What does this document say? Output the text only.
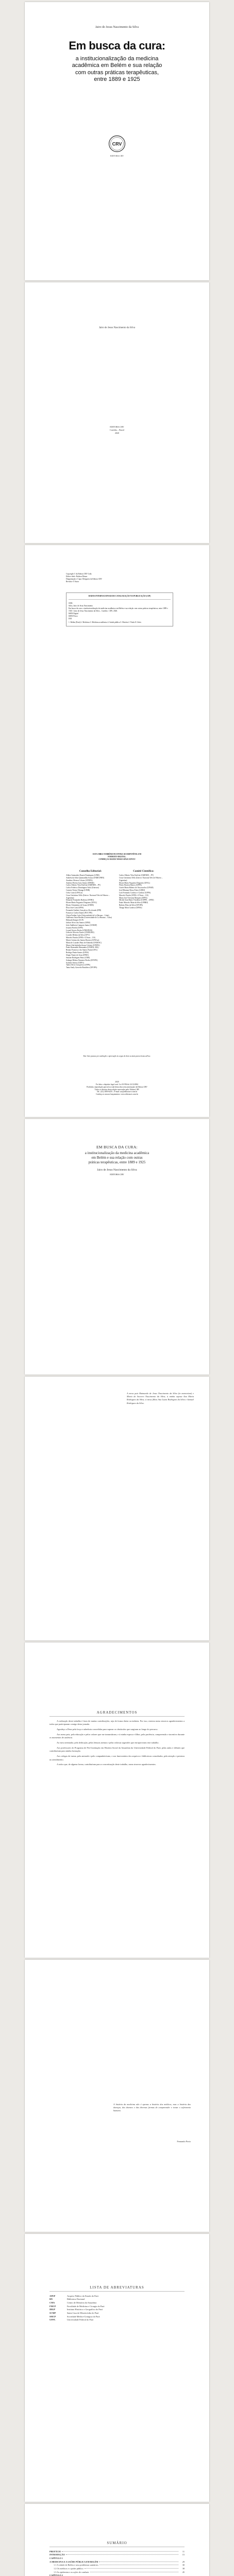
Jairo de Jesus Nascimento da Silva
Em busca da cura:
a institucionalização da medicina
acadêmica em Belém e sua relação
com outras práticas terapêuticas,
entre 1889 e 1925
CRV
EDITORA CRV
Jairo de Jesus Nascimento da Silva
EDITORA CRV
Curitiba – Brasil
2020
Copyright © da Editora CRV Ltda.
Editor-chefe: Railson Moura
Diagramação e Capa: Designers da Editora CRV
Revisão: O Autor
DADOS INTERNACIONAIS DE CATALOGAÇÃO NA PUBLICAÇÃO (CIP)
S586
Silva, Jairo de Jesus Nascimento
Em busca da cura: a institucionalização da medicina acadêmica em Belém e sua relação com outras práticas terapêuticas, entre 1889 e 1925 / Jairo de Jesus Nascimento da Silva – Curitiba : CRV, 2020.
ISBN Digital
ISBN Físico
DOI
1. Belém (Pará) 2. Medicina 3. Medicina acadêmica 4. Saúde pública 5. História I. Título II. Série.
ESTA OBRA TAMBÉM ENCONTRA-SE DISPONÍVEL EM
FORMATO DIGITAL.
CONHEÇA E BAIXE NOSSO APLICATIVO!
Conselho Editorial:
Aldira Guimarães Duarte Domínguez (UNB)
Andréia da Silva Quintanilha Sousa (UNIR/UFRN)
Anselmo Alencar Colares (UFOPA)
Antônio Pereira Gaio Júnior (UFRRJ)
Carlos Alberto Vilar Estêvão (UMINHO – PT)
Carlos Federico Domínguez Avila (Unieuro)
Carmen Tereza Velanga (UNIR)
Celso Conti (UFSCar)
Cesar Gerónimo Tello (Univer .Nacional Três de Febrero – Argentina)
Eduardo Fernandes Barbosa (UFMG)
Elione Maria Nogueira Diogenes (UFAL)
Elizeu Clementino de Souza (UNEB)
Élsio José Corá (UFFS)
Fernando Antônio Gonçalves Alcoforado (IPB)
Francisco Carlos Duarte (PUC-PR)
Gloria Fariñas León (Universidade de La Havana – Cuba)
Guillermo Arias Beatón (Universidade de La Havana – Cuba)
Helmuth Krüger (UCP)
Jailson Alves dos Santos (UFRJ)
João Adalberto Campato Junior (UNESP)
Josania Portela (UFPI)
Leonel Severo Rocha (UNISINOS)
Lídia de Oliveira Xavier (UNIEURO)
Lourdes Helena da Silva (UFV)
Marcelo Paixão (UFRJ e UTexas – US)
Maria Cristina dos Santos Bezerra (UFSCar)
Maria de Lourdes Pinto de Almeida (UNOESC)
Maria Lília Imbiriba Sousa Colares (UFOPA)
Paulo Romualdo Hernandes (UNIFAL-MG)
Renato Francisco dos Santos Paula (UFG)
Rodrigo Pratte-Santos (UFES)
Sérgio Nunes de Jesus (IFRO)
Simone Rodrigues Pinto (UNB)
Solange Helena Ximenes-Rocha (UFOPA)
Sydione Santos (UEPG)
Tadeu Oliver Gonçalves (UFPA)
Tania Suely Azevedo Brasileiro (UFOPA)
Comitê Científico:
Carlos Alberto Vilar Estêvão (UMINHO – PT)
Cesar Gerónimo Tello (Univer. Nacional Três de Febrero – Argentina)
Elione Maria Nogueira Diogenes (UFAL)
Flávio Bezerra Barros (UFPA)
Gisele Maria Ribeiro de Vasconcelos (UFAM)
José Ribamar Bessa Freire (UERJ)
Luís Fernando Cardoso e Cardoso (UFPA)
Marcelo Paixão (UFRJ e UTexas – US)
Maria José Trevizan Marques (UFPA)
Michel Jean Marie Thiollent (COPPE – UFRJ)
Paulo Marcelo Maia da Silva (UFRRJ)
Rubens Elias da Silva (UFOPA)
Thiago Mota Cardoso (UFBA)
Este livro passou por avaliação e aprovação às cegas de dois ou mais pareceristas ad hoc.
2020
Foi feito o depósito legal conf. Lei 10.994 de 14/12/2004
Proibida a reprodução parcial ou total desta obra sem autorização da Editora CRV
Todos os direitos desta edição reservados pela: Editora CRV
Tel.: (41) 3039-6418 – E-mail: sac@editoracrv.com.br
Conheça os nossos lançamentos: www.editoracrv.com.br
EM BUSCA DA CURA:
a institucionalização da medicina acadêmica
em Belém e sua relação com outras
práticas terapêuticas, entre 1889 e 1925
Jairo de Jesus Nascimento da Silva
EDITORA CRV
A meus pais Raimundo de Jesus Nascimento da Silva (in memoriam) e Maria do Socorro Nascimento da Silva; à minha esposa Ana Maria Rodrigues da Silva; à meus filhos Ana Luiza Rodrigues da Silva e Samuel Rodrigues da Silva.
AGRADECIMENTOS

A realização deste trabalho é fruto de muitas contribuições, seja de forma direta ou indireta. Por isso, externo meus sinceros agradecimentos a todos que participaram comigo desta jornada.

Agradeço a Deus pela força e sabedoria concedidas para superar os obstáculos que surgiram ao longo do percurso.

Aos meus pais, pela educação e pelos valores que me transmitiram, e à minha esposa e filhos, pela paciência, compreensão e incentivo durante os momentos de ausência.

Ao meu orientador, pela dedicação, pelas leituras atentas e pelas valiosas sugestões que enriqueceram este trabalho.

Aos professores do Programa de Pós-Graduação em História Social da Amazônia da Universidade Federal do Pará, pelas aulas e debates que contribuíram para minha formação.

Aos colegas de turma, pela amizade e pelo companheirismo, e aos funcionários dos arquivos e bibliotecas consultados, pela atenção e presteza no atendimento.

A todos que, de alguma forma, contribuíram para a concretização deste trabalho, meus sinceros agradecimentos.

A história da medicina não é apenas a história dos médicos, mas a história das doenças, dos doentes e das diversas formas de compreender e tratar o sofrimento humano.
Fernando Porto
LISTA DE ABREVIATURAS
APEP	Arquivo Público do Estado do Pará
BN	Biblioteca Nacional
CMA	Centro de Memória da Amazônia
FMCP	Faculdade de Medicina e Cirurgia do Pará
IHGP	Instituto Histórico e Geográfico do Pará
SCMP	Santa Casa de Misericórdia do Pará
SMCP	Sociedade Médico-Cirúrgica do Pará
UFPA	Universidade Federal do Pará
SUMÁRIO
PREFÁCIO	11
INTRODUÇÃO	15
CAPÍTULO 1
A MEDICINA E A SAÚDE PÚBLICA EM BELÉM	29
1.1 A cidade de Belém e seus problemas sanitários	30
1.2 Os médicos e o poder público	38
1.3 As epidemias e as ações de combate	45
CAPÍTULO 2
